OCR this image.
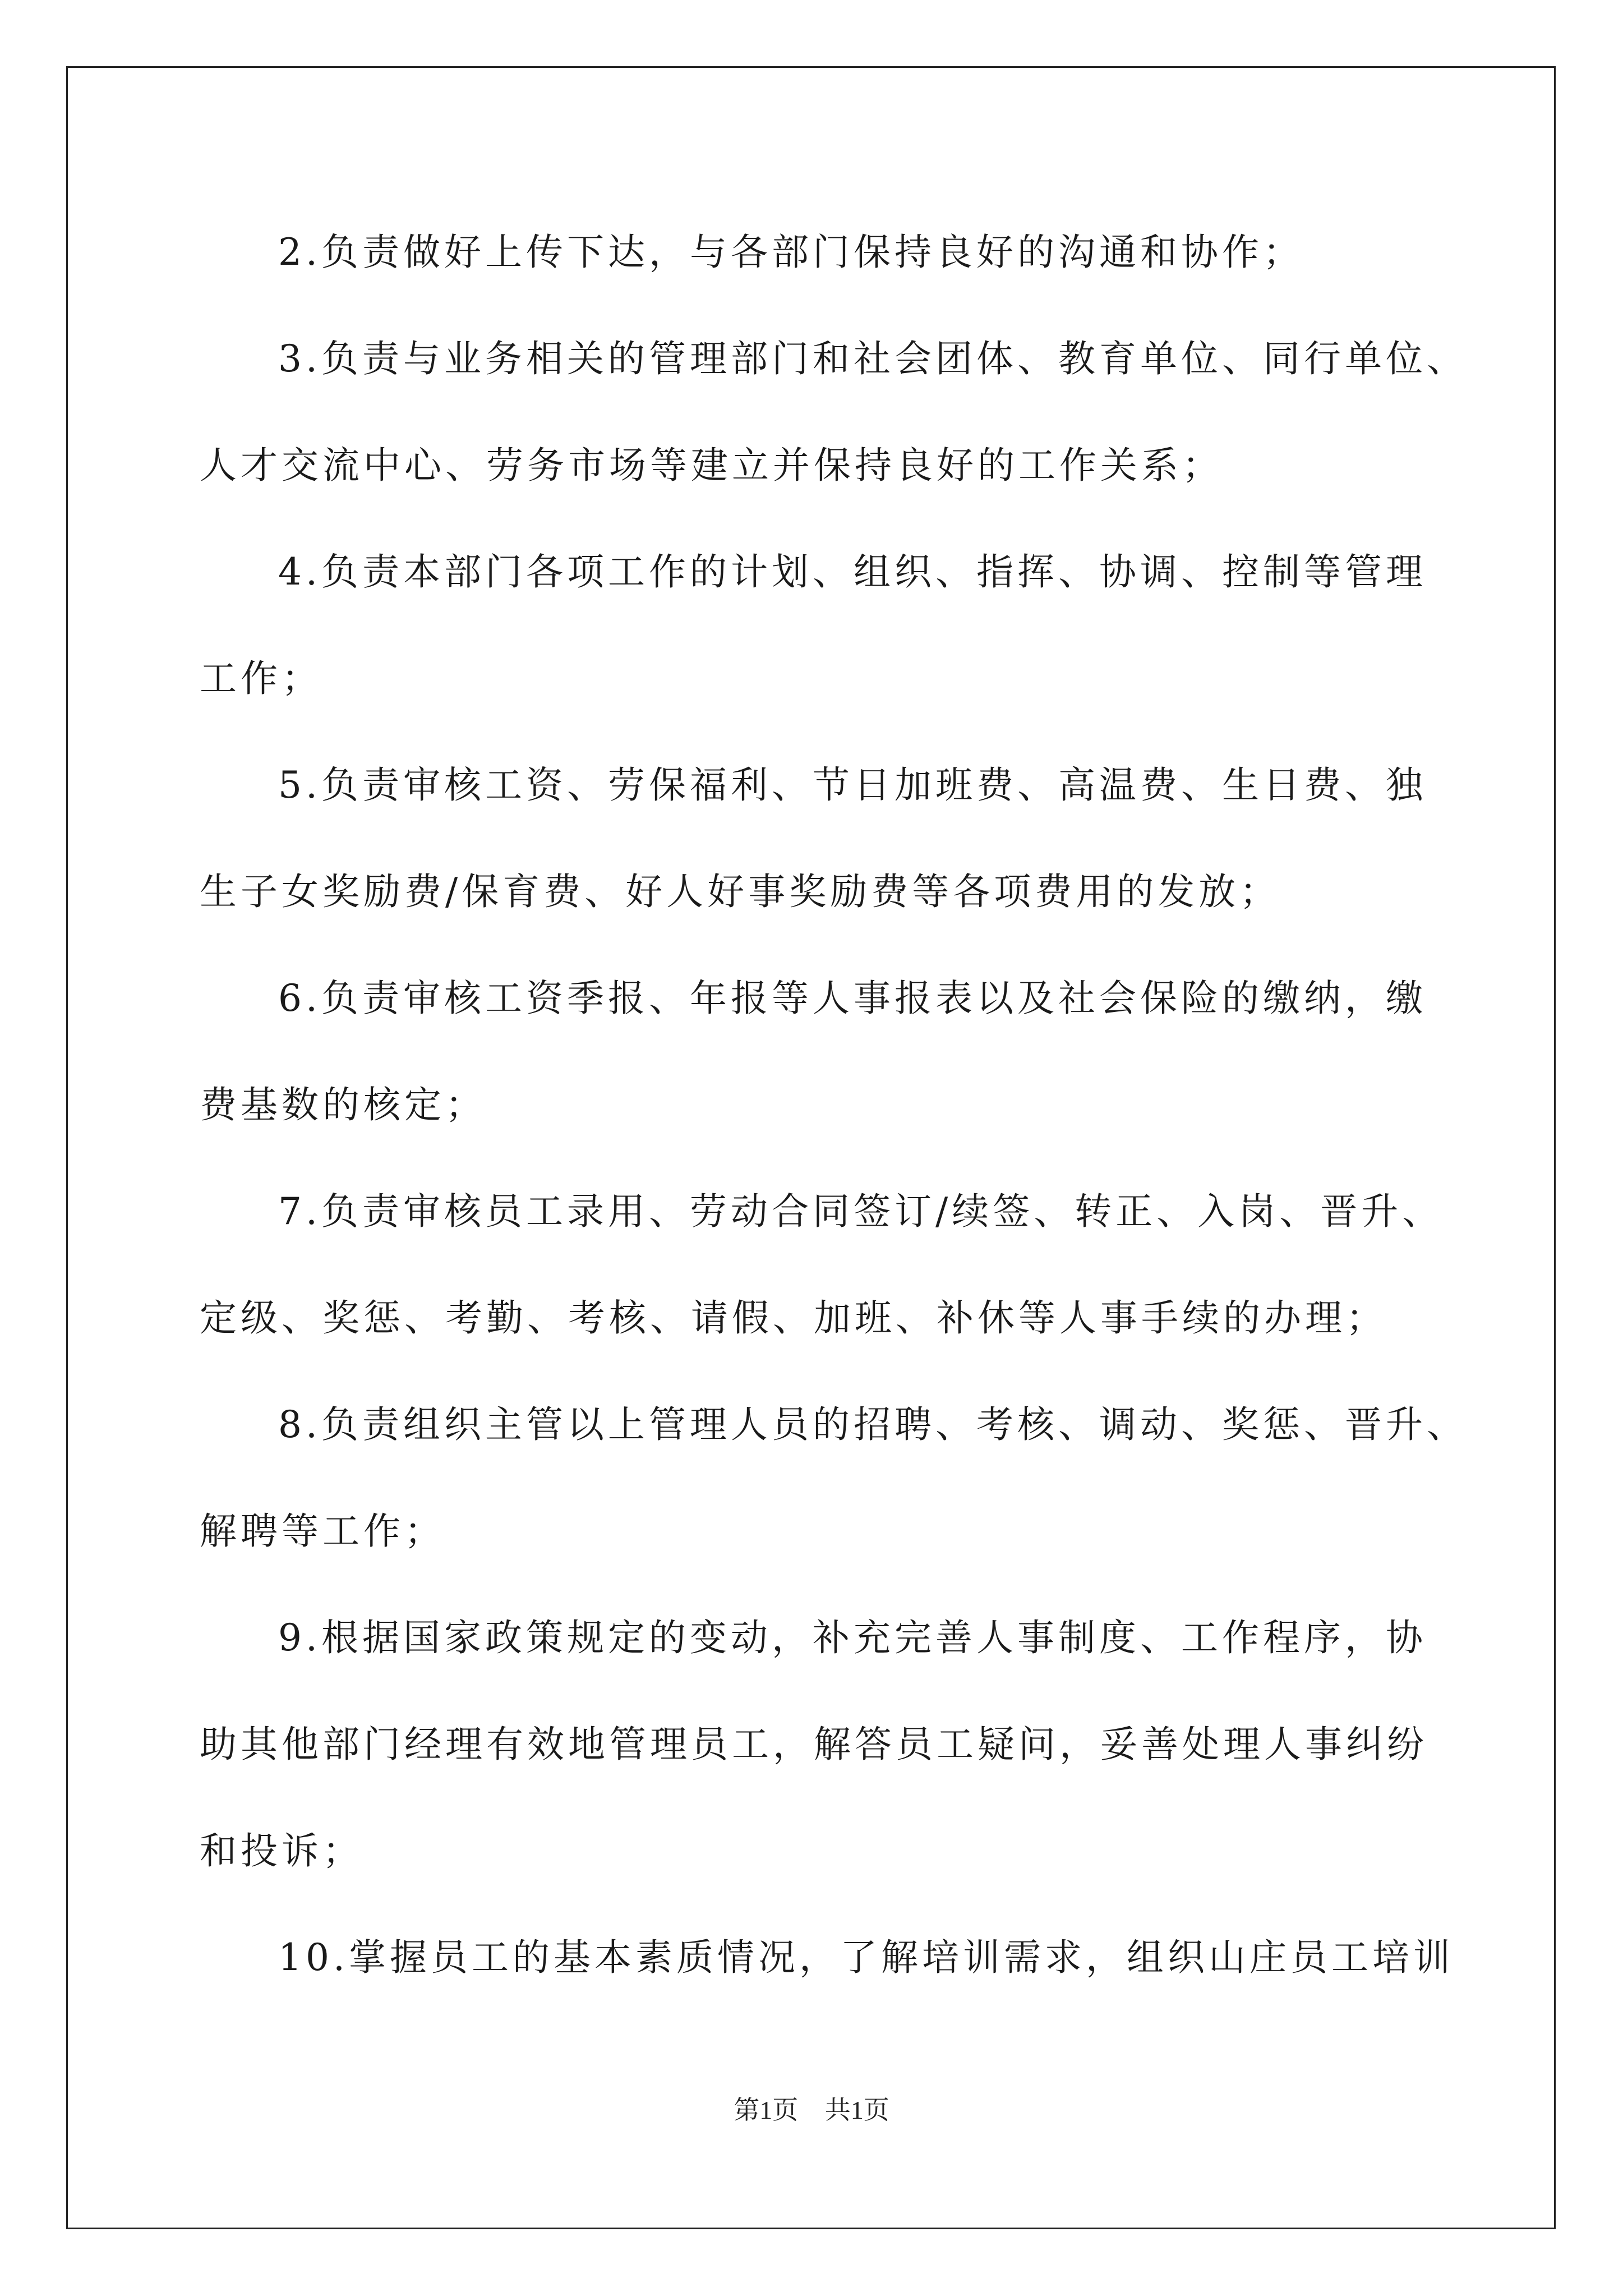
2.负责做好上传下达，与各部门保持良好的沟通和协作；
3.负责与业务相关的管理部门和社会团体、教育单位、同行单位、
人才交流中心、劳务市场等建立并保持良好的工作关系；
4.负责本部门各项工作的计划、组织、指挥、协调、控制等管理
工作；
5.负责审核工资、劳保福利、节日加班费、高温费、生日费、独
生子女奖励费/保育费、好人好事奖励费等各项费用的发放；
6.负责审核工资季报、年报等人事报表以及社会保险的缴纳，缴
费基数的核定；
7.负责审核员工录用、劳动合同签订/续签、转正、入岗、晋升、
定级、奖惩、考勤、考核、请假、加班、补休等人事手续的办理；
8.负责组织主管以上管理人员的招聘、考核、调动、奖惩、晋升、
解聘等工作；
9.根据国家政策规定的变动，补充完善人事制度、工作程序，协
助其他部门经理有效地管理员工，解答员工疑问，妥善处理人事纠纷
和投诉；
10.掌握员工的基本素质情况，了解培训需求，组织山庄员工培训
第1页 共1页
